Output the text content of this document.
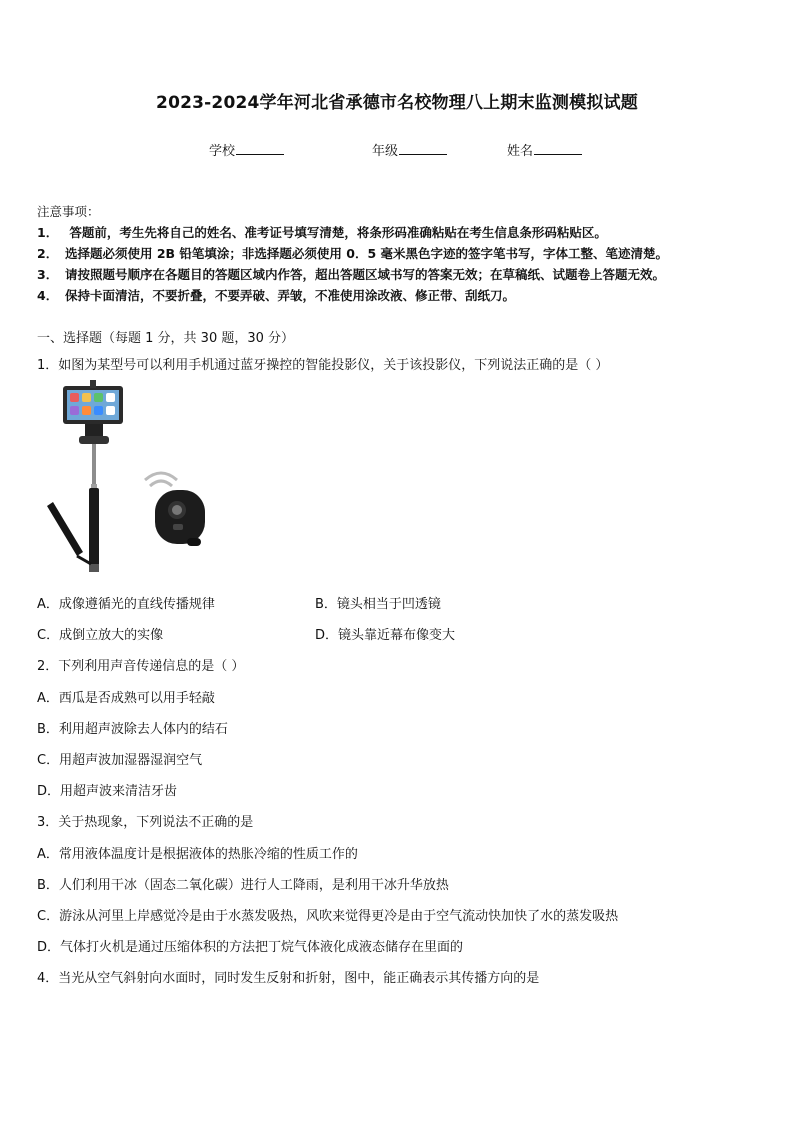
2023-2024学年河北省承德市名校物理八上期末监测模拟试题
学校	年级	姓名
注意事项：
1． 答题前，考生先将自己的姓名、准考证号填写清楚，将条形码准确粘贴在考生信息条形码粘贴区。
2． 选择题必须使用 2B 铅笔填涂；非选择题必须使用 0．5 毫米黑色字迹的签字笔书写，字体工整、笔迹清楚。
3． 请按照题号顺序在各题目的答题区域内作答，超出答题区域书写的答案无效；在草稿纸、试题卷上答题无效。
4． 保持卡面清洁，不要折叠，不要弄破、弄皱，不准使用涂改液、修正带、刮纸刀。
一、选择题（每题 1 分，共 30 题，30 分）
1．如图为某型号可以利用手机通过蓝牙操控的智能投影仪，关于该投影仪，下列说法正确的是（ ）
A．成像遵循光的直线传播规律	B．镜头相当于凹透镜
C．成倒立放大的实像	D．镜头靠近幕布像变大
2．下列利用声音传递信息的是（ ）
A．西瓜是否成熟可以用手轻敲
B．利用超声波除去人体内的结石
C．用超声波加湿器湿润空气
D．用超声波来清洁牙齿
3．关于热现象，下列说法不正确的是
A．常用液体温度计是根据液体的热胀冷缩的性质工作的
B．人们利用干冰（固态二氧化碳）进行人工降雨，是利用干冰升华放热
C．游泳从河里上岸感觉冷是由于水蒸发吸热，风吹来觉得更冷是由于空气流动快加快了水的蒸发吸热
D．气体打火机是通过压缩体积的方法把丁烷气体液化成液态储存在里面的
4．当光从空气斜射向水面时，同时发生反射和折射，图中，能正确表示其传播方向的是
